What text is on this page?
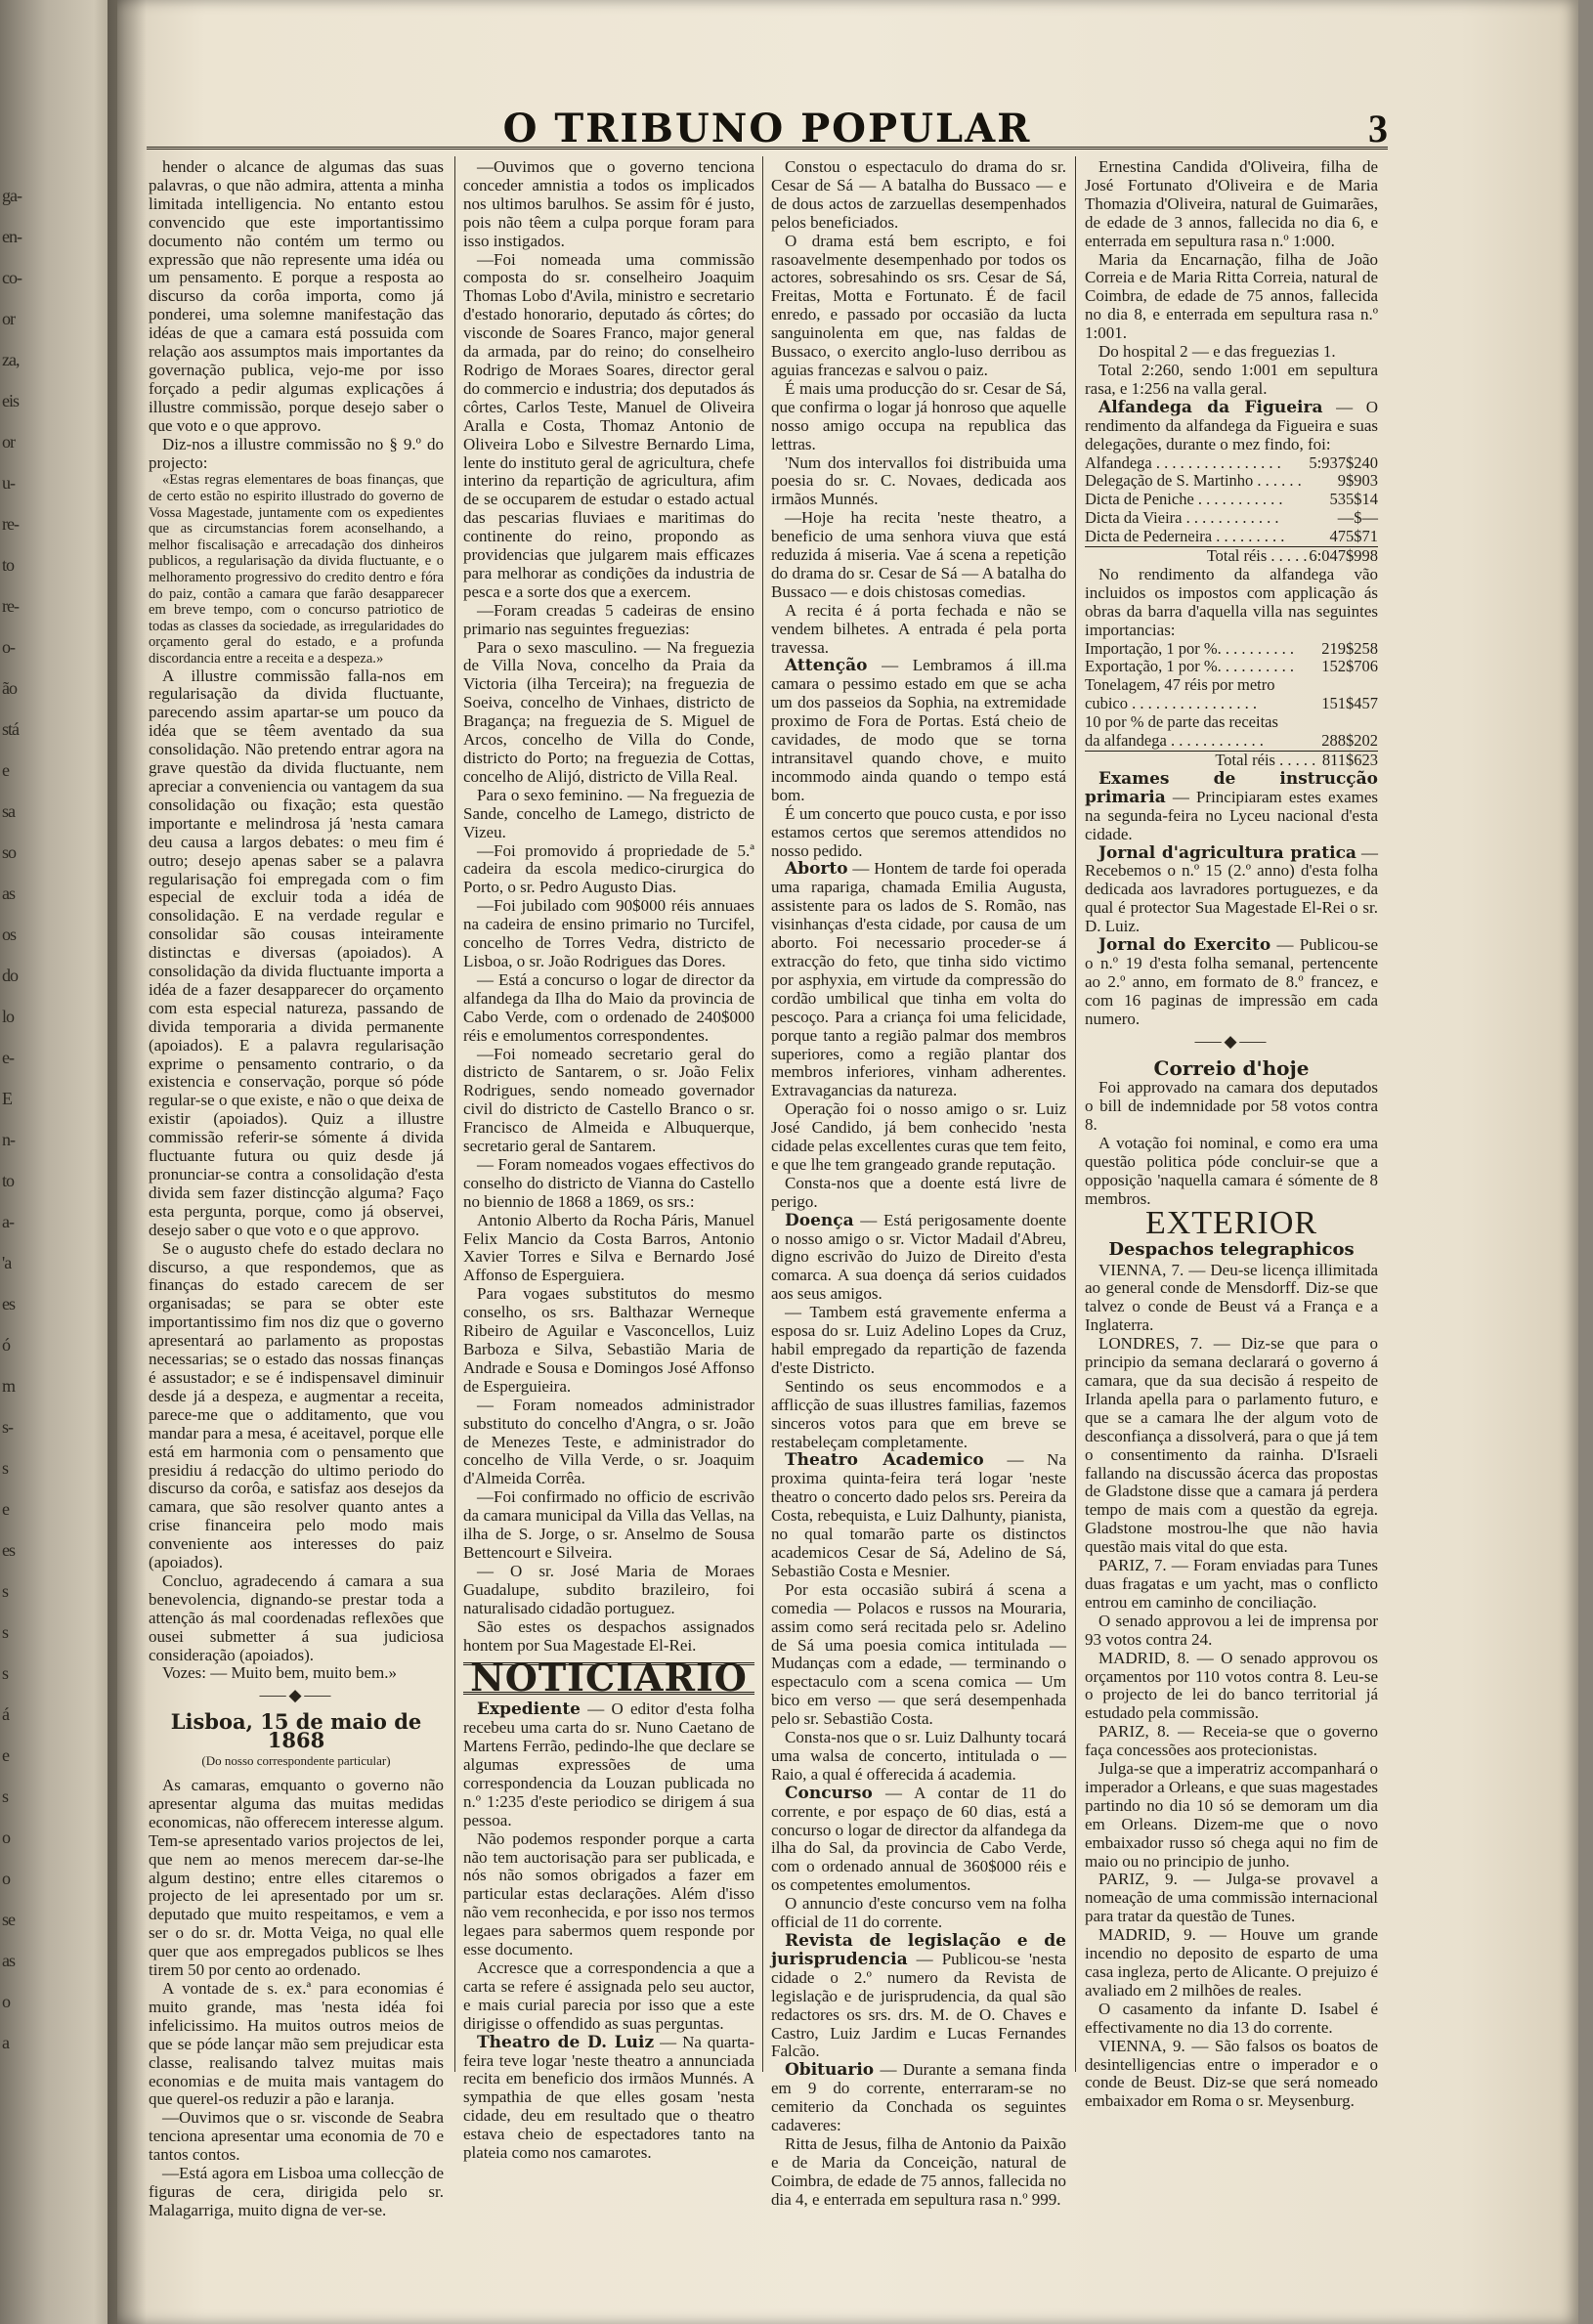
ga-
en-
co-
or
za,
eis
or
u-
re-
to
re-
o-
ão
stá
e
sa
so
as
os
do
lo
e-
E
n-
to
a-
'a
es
ó
m
s-
s
e
es
s
s
s
á
e
s
o
o
se
as
o
a
O TRIBUNO POPULAR	3

hender o alcance de algumas das suas palavras, o que não admira, attenta a minha limitada intelligencia. No entanto estou convencido que este importantissimo documento não contém um termo ou expressão que não represente uma idéa ou um pensamento. E porque a resposta ao discurso da corôa importa, como já ponderei, uma solemne manifestação das idéas de que a camara está possuida com relação aos assumptos mais importantes da governação publica, vejo-me por isso forçado a pedir algumas explicações á illustre commissão, porque desejo saber o que voto e o que approvo.

Diz-nos a illustre commissão no § 9.º do projecto:

«Estas regras elementares de boas finanças, que de certo estão no espirito illustrado do governo de Vossa Magestade, juntamente com os expedientes que as circumstancias forem aconselhando, a melhor fiscalisação e arrecadação dos dinheiros publicos, a regularisação da divida fluctuante, e o melhoramento progressivo do credito dentro e fóra do paiz, contão a camara que farão desapparecer em breve tempo, com o concurso patriotico de todas as classes da sociedade, as irregularidades do orçamento geral do estado, e a profunda discordancia entre a receita e a despeza.»

A illustre commissão falla-nos em regularisação da divida fluctuante, parecendo assim apartar-se um pouco da idéa que se têem aventado da sua consolidação. Não pretendo entrar agora na grave questão da divida fluctuante, nem apreciar a conveniencia ou vantagem da sua consolidação ou fixação; esta questão importante e melindrosa já 'nesta camara deu causa a largos debates: o meu fim é outro; desejo apenas saber se a palavra regularisação foi empregada com o fim especial de excluir toda a idéa de consolidação. E na verdade regular e consolidar são cousas inteiramente distinctas e diversas (apoiados). A consolidação da divida fluctuante importa a idéa de a fazer desapparecer do orçamento com esta especial natureza, passando de divida temporaria a divida permanente (apoiados). E a palavra regularisação exprime o pensamento contrario, o da existencia e conservação, porque só póde regular-se o que existe, e não o que deixa de existir (apoiados). Quiz a illustre commissão referir-se sómente á divida fluctuante futura ou quiz desde já pronunciar-se contra a consolidação d'esta divida sem fazer distincção alguma? Faço esta pergunta, porque, como já observei, desejo saber o que voto e o que approvo.

Se o augusto chefe do estado declara no discurso, a que respondemos, que as finanças do estado carecem de ser organisadas; se para se obter este importantissimo fim nos diz que o governo apresentará ao parlamento as propostas necessarias; se o estado das nossas finanças é assustador; e se é indispensavel diminuir desde já a despeza, e augmentar a receita, parece-me que o additamento, que vou mandar para a mesa, é aceitavel, porque elle está em harmonia com o pensamento que presidiu á redacção do ultimo periodo do discurso da corôa, e satisfaz aos desejos da camara, que são resolver quanto antes a crise financeira pelo modo mais conveniente aos interesses do paiz (apoiados).

Concluo, agradecendo á camara a sua benevolencia, dignando-se prestar toda a attenção ás mal coordenadas reflexões que ousei submetter á sua judiciosa consideração (apoiados).

Vozes: — Muito bem, muito bem.»

⸺◆⸺
Lisboa, 15 de maio de 1868
(Do nosso correspondente particular)

As camaras, emquanto o governo não apresentar alguma das muitas medidas economicas, não offerecem interesse algum. Tem-se apresentado varios projectos de lei, que nem ao menos merecem dar-se-lhe algum destino; entre elles citaremos o projecto de lei apresentado por um sr. deputado que muito respeitamos, e vem a ser o do sr. dr. Motta Veiga, no qual elle quer que aos empregados publicos se lhes tirem 50 por cento ao ordenado.

A vontade de s. ex.ª para economias é muito grande, mas 'nesta idéa foi infelicissimo. Ha muitos outros meios de que se póde lançar mão sem prejudicar esta classe, realisando talvez muitas mais economias e de muita mais vantagem do que querel-os reduzir a pão e laranja.

—Ouvimos que o sr. visconde de Seabra tenciona apresentar uma economia de 70 e tantos contos.

—Está agora em Lisboa uma collecção de figuras de cera, dirigida pelo sr. Malagarriga, muito digna de ver-se.

—Ouvimos que o governo tenciona conceder amnistia a todos os implicados nos ultimos barulhos. Se assim fôr é justo, pois não têem a culpa porque foram para isso instigados.

—Foi nomeada uma commissão composta do sr. conselheiro Joaquim Thomas Lobo d'Avila, ministro e secretario d'estado honorario, deputado ás côrtes; do visconde de Soares Franco, major general da armada, par do reino; do conselheiro Rodrigo de Moraes Soares, director geral do commercio e industria; dos deputados ás côrtes, Carlos Teste, Manuel de Oliveira Aralla e Costa, Thomaz Antonio de Oliveira Lobo e Silvestre Bernardo Lima, lente do instituto geral de agricultura, chefe interino da repartição de agricultura, afim de se occuparem de estudar o estado actual das pescarias fluviaes e maritimas do continente do reino, propondo as providencias que julgarem mais efficazes para melhorar as condições da industria de pesca e a sorte dos que a exercem.

—Foram creadas 5 cadeiras de ensino primario nas seguintes freguezias:

Para o sexo masculino. — Na freguezia de Villa Nova, concelho da Praia da Victoria (ilha Terceira); na freguezia de Soeiva, concelho de Vinhaes, districto de Bragança; na freguezia de S. Miguel de Arcos, concelho de Villa do Conde, districto do Porto; na freguezia de Cottas, concelho de Alijó, districto de Villa Real.

Para o sexo feminino. — Na freguezia de Sande, concelho de Lamego, districto de Vizeu.

—Foi promovido á propriedade de 5.ª cadeira da escola medico-cirurgica do Porto, o sr. Pedro Augusto Dias.

—Foi jubilado com 90$000 réis annuaes na cadeira de ensino primario no Turcifel, concelho de Torres Vedra, districto de Lisboa, o sr. João Rodrigues das Dores.

— Está a concurso o logar de director da alfandega da Ilha do Maio da provincia de Cabo Verde, com o ordenado de 240$000 réis e emolumentos correspondentes.

—Foi nomeado secretario geral do districto de Santarem, o sr. João Felix Rodrigues, sendo nomeado governador civil do districto de Castello Branco o sr. Francisco de Almeida e Albuquerque, secretario geral de Santarem.

— Foram nomeados vogaes effectivos do conselho do districto de Vianna do Castello no biennio de 1868 a 1869, os srs.:

Antonio Alberto da Rocha Páris, Manuel Felix Mancio da Costa Barros, Antonio Xavier Torres e Silva e Bernardo José Affonso de Esperguiera.

Para vogaes substitutos do mesmo conselho, os srs. Balthazar Werneque Ribeiro de Aguilar e Vasconcellos, Luiz Barboza e Silva, Sebastião Maria de Andrade e Sousa e Domingos José Affonso de Esperguieira.

— Foram nomeados administrador substituto do concelho d'Angra, o sr. João de Menezes Teste, e administrador do concelho de Villa Verde, o sr. Joaquim d'Almeida Corrêa.

—Foi confirmado no officio de escrivão da camara municipal da Villa das Vellas, na ilha de S. Jorge, o sr. Anselmo de Sousa Bettencourt e Silveira.

— O sr. José Maria de Moraes Guadalupe, subdito brazileiro, foi naturalisado cidadão portuguez.

São estes os despachos assignados hontem por Sua Magestade El-Rei.

NOTICIARIO

Expediente — O editor d'esta folha recebeu uma carta do sr. Nuno Caetano de Martens Ferrão, pedindo-lhe que declare se algumas expressões de uma correspondencia da Louzan publicada no n.º 1:235 d'este periodico se dirigem á sua pessoa.

Não podemos responder porque a carta não tem auctorisação para ser publicada, e nós não somos obrigados a fazer em particular estas declarações. Além d'isso não vem reconhecida, e por isso nos termos legaes para sabermos quem responde por esse documento.

Accresce que a correspondencia a que a carta se refere é assignada pelo seu auctor, e mais curial parecia por isso que a este dirigisse o offendido as suas perguntas.

Theatro de D. Luiz — Na quarta-feira teve logar 'neste theatro a annunciada recita em beneficio dos irmãos Munnés. A sympathia de que elles gosam 'nesta cidade, deu em resultado que o theatro estava cheio de espectadores tanto na plateia como nos camarotes.

Constou o espectaculo do drama do sr. Cesar de Sá — A batalha do Bussaco — e de dous actos de zarzuellas desempenhados pelos beneficiados.

O drama está bem escripto, e foi rasoavelmente desempenhado por todos os actores, sobresahindo os srs. Cesar de Sá, Freitas, Motta e Fortunato. É de facil enredo, e passado por occasião da lucta sanguinolenta em que, nas faldas de Bussaco, o exercito anglo-luso derribou as aguias francezas e salvou o paiz.

É mais uma producção do sr. Cesar de Sá, que confirma o logar já honroso que aquelle nosso amigo occupa na republica das lettras.

'Num dos intervallos foi distribuida uma poesia do sr. C. Novaes, dedicada aos irmãos Munnés.

—Hoje ha recita 'neste theatro, a beneficio de uma senhora viuva que está reduzida á miseria. Vae á scena a repetição do drama do sr. Cesar de Sá — A batalha do Bussaco — e dois chistosas comedias.

A recita é á porta fechada e não se vendem bilhetes. A entrada é pela porta travessa.

Attenção — Lembramos á ill.ma camara o pessimo estado em que se acha um dos passeios da Sophia, na extremidade proximo de Fora de Portas. Está cheio de cavidades, de modo que se torna intransitavel quando chove, e muito incommodo ainda quando o tempo está bom.

É um concerto que pouco custa, e por isso estamos certos que seremos attendidos no nosso pedido.

Aborto — Hontem de tarde foi operada uma rapariga, chamada Emilia Augusta, assistente para os lados de S. Romão, nas visinhanças d'esta cidade, por causa de um aborto. Foi necessario proceder-se á extracção do feto, que tinha sido victimo por asphyxia, em virtude da compressão do cordão umbilical que tinha em volta do pescoço. Para a criança foi uma felicidade, porque tanto a região palmar dos membros superiores, como a região plantar dos membros inferiores, vinham adherentes. Extravagancias da natureza.

Operação foi o nosso amigo o sr. Luiz José Candido, já bem conhecido 'nesta cidade pelas excellentes curas que tem feito, e que lhe tem grangeado grande reputação.

Consta-nos que a doente está livre de perigo.

Doença — Está perigosamente doente o nosso amigo o sr. Victor Madail d'Abreu, digno escrivão do Juizo de Direito d'esta comarca. A sua doença dá serios cuidados aos seus amigos.

— Tambem está gravemente enferma a esposa do sr. Luiz Adelino Lopes da Cruz, habil empregado da repartição de fazenda d'este Districto.

Sentindo os seus encommodos e a afflicção de suas illustres familias, fazemos sinceros votos para que em breve se restabeleçam completamente.

Theatro Academico — Na proxima quinta-feira terá logar 'neste theatro o concerto dado pelos srs. Pereira da Costa, rebequista, e Luiz Dalhunty, pianista, no qual tomarão parte os distinctos academicos Cesar de Sá, Adelino de Sá, Sebastião Costa e Mesnier.

Por esta occasião subirá á scena a comedia — Polacos e russos na Mouraria, assim como será recitada pelo sr. Adelino de Sá uma poesia comica intitulada — Mudanças com a edade, — terminando o espectaculo com a scena comica — Um bico em verso — que será desempenhada pelo sr. Sebastião Costa.

Consta-nos que o sr. Luiz Dalhunty tocará uma walsa de concerto, intitulada o — Raio, a qual é offerecida á academia.

Concurso — A contar de 11 do corrente, e por espaço de 60 dias, está a concurso o logar de director da alfandega da ilha do Sal, da provincia de Cabo Verde, com o ordenado annual de 360$000 réis e os competentes emolumentos.

O annuncio d'este concurso vem na folha official de 11 do corrente.

Revista de legislação e de jurisprudencia — Publicou-se 'nesta cidade o 2.º numero da Revista de legislação e de jurisprudencia, da qual são redactores os srs. drs. M. de O. Chaves e Castro, Luiz Jardim e Lucas Fernandes Falcão.

Obituario — Durante a semana finda em 9 do corrente, enterraram-se no cemiterio da Conchada os seguintes cadaveres:

Ritta de Jesus, filha de Antonio da Paixão e de Maria da Conceição, natural de Coimbra, de edade de 75 annos, fallecida no dia 4, e enterrada em sepultura rasa n.º 999.

Ernestina Candida d'Oliveira, filha de José Fortunato d'Oliveira e de Maria Thomazia d'Oliveira, natural de Guimarães, de edade de 3 annos, fallecida no dia 6, e enterrada em sepultura rasa n.º 1:000.

Maria da Encarnação, filha de João Correia e de Maria Ritta Correia, natural de Coimbra, de edade de 75 annos, fallecida no dia 8, e enterrada em sepultura rasa n.º 1:001.

Do hospital 2 — e das freguezias 1.

Total 2:260, sendo 1:001 em sepultura rasa, e 1:256 na valla geral.

Alfandega da Figueira — O rendimento da alfandega da Figueira e suas delegações, durante o mez findo, foi:

Alfandega . . . . . . . . . . . . . . . .	5:937$240
Delegação de S. Martinho . . . . . .	9$903
Dicta de Peniche . . . . . . . . . . .	535$14
Dicta da Vieira . . . . . . . . . . . .	—$—
Dicta de Pederneira . . . . . . . . .	475$71
Total réis . . . . .	6:047$998

No rendimento da alfandega vão incluidos os impostos com applicação ás obras da barra d'aquella villa nas seguintes importancias:

Importação, 1 por %. . . . . . . . . .	219$258
Exportação, 1 por %. . . . . . . . . .	152$706
Tonelagem, 47 réis por metro	
cubico . . . . . . . . . . . . . . . .	151$457
10 por % de parte das receitas	
da alfandega . . . . . . . . . . . .	288$202
Total réis . . . . .	811$623

Exames de instrucção primaria — Principiaram estes exames na segunda-feira no Lyceu nacional d'esta cidade.

Jornal d'agricultura pratica — Recebemos o n.º 15 (2.º anno) d'esta folha dedicada aos lavradores portuguezes, e da qual é protector Sua Magestade El-Rei o sr. D. Luiz.

Jornal do Exercito — Publicou-se o n.º 19 d'esta folha semanal, pertencente ao 2.º anno, em formato de 8.º francez, e com 16 paginas de impressão em cada numero.

⸺◆⸺
Correio d'hoje

Foi approvado na camara dos deputados o bill de indemnidade por 58 votos contra 8.

A votação foi nominal, e como era uma questão politica póde concluir-se que a opposição 'naquella camara é sómente de 8 membros.

EXTERIOR
Despachos telegraphicos

VIENNA, 7. — Deu-se licença illimitada ao general conde de Mensdorff. Diz-se que talvez o conde de Beust vá a França e a Inglaterra.

LONDRES, 7. — Diz-se que para o principio da semana declarará o governo á camara, que da sua decisão á respeito de Irlanda apella para o parlamento futuro, e que se a camara lhe der algum voto de desconfiança a dissolverá, para o que já tem o consentimento da rainha. D'Israeli fallando na discussão ácerca das propostas de Gladstone disse que a camara já perdera tempo de mais com a questão da egreja. Gladstone mostrou-lhe que não havia questão mais vital do que esta.

PARIZ, 7. — Foram enviadas para Tunes duas fragatas e um yacht, mas o conflicto entrou em caminho de conciliação.

O senado approvou a lei de imprensa por 93 votos contra 24.

MADRID, 8. — O senado approvou os orçamentos por 110 votos contra 8. Leu-se o projecto de lei do banco territorial já estudado pela commissão.

PARIZ, 8. — Receia-se que o governo faça concessões aos protecionistas.

Julga-se que a imperatriz accompanhará o imperador a Orleans, e que suas magestades partindo no dia 10 só se demoram um dia em Orleans. Dizem-me que o novo embaixador russo só chega aqui no fim de maio ou no principio de junho.

PARIZ, 9. — Julga-se provavel a nomeação de uma commissão internacional para tratar da questão de Tunes.

MADRID, 9. — Houve um grande incendio no deposito de esparto de uma casa ingleza, perto de Alicante. O prejuizo é avaliado em 2 milhões de reales.

O casamento da infante D. Isabel é effectivamente no dia 13 do corrente.

VIENNA, 9. — São falsos os boatos de desintelligencias entre o imperador e o conde de Beust. Diz-se que será nomeado embaixador em Roma o sr. Meysenburg.
